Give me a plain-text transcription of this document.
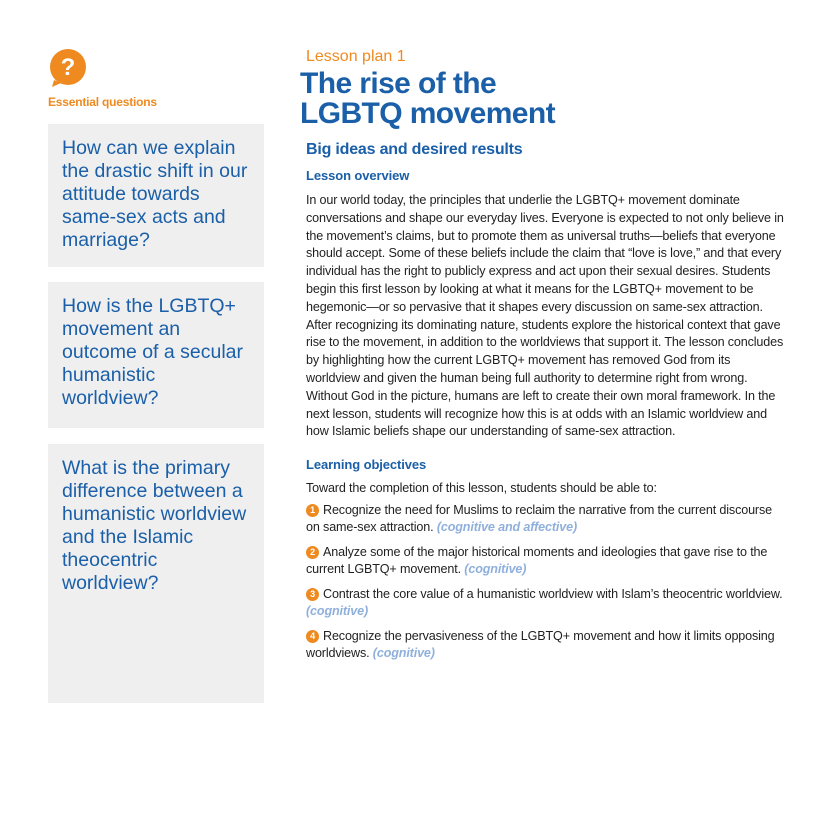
?
Essential questions
How can we explain the drastic shift in our attitude towards same-sex acts and marriage?
How is the LGBTQ+ movement an outcome of a secular humanistic worldview?
What is the primary difference between a humanistic worldview and the Islamic theocentric worldview?
Lesson plan 1
The rise of the
LGBTQ movement
Big ideas and desired results
Lesson overview

In our world today, the principles that underlie the LGBTQ+ movement dominate conversations and shape our everyday lives. Everyone is expected to not only believe in the movement’s claims, but to promote them as universal truths—beliefs that everyone should accept. Some of these beliefs include the claim that “love is love,” and that every individual has the right to publicly express and act upon their sexual desires. Students begin this first lesson by looking at what it means for the LGBTQ+ movement to be hegemonic—or so pervasive that it shapes every discussion on same-sex attraction. After recognizing its dominating nature, students explore the historical context that gave rise to the movement, in addition to the worldviews that support it. The lesson concludes by highlighting how the current LGBTQ+ movement has removed God from its worldview and given the human being full authority to determine right from wrong. Without God in the picture, humans are left to create their own moral framework. In the next lesson, students will recognize how this is at odds with an Islamic worldview and how Islamic beliefs shape our understanding of same-sex attraction.

Learning objectives
Toward the completion of this lesson, students should be able to:
1 Recognize the need for Muslims to reclaim the narrative from the current discourse on same-sex attraction. (cognitive and affective)
2 Analyze some of the major historical moments and ideologies that gave rise to the current LGBTQ+ movement. (cognitive)
3 Contrast the core value of a humanistic worldview with Islam’s theocentric worldview. (cognitive)
4 Recognize the pervasiveness of the LGBTQ+ movement and how it limits opposing worldviews. (cognitive)
